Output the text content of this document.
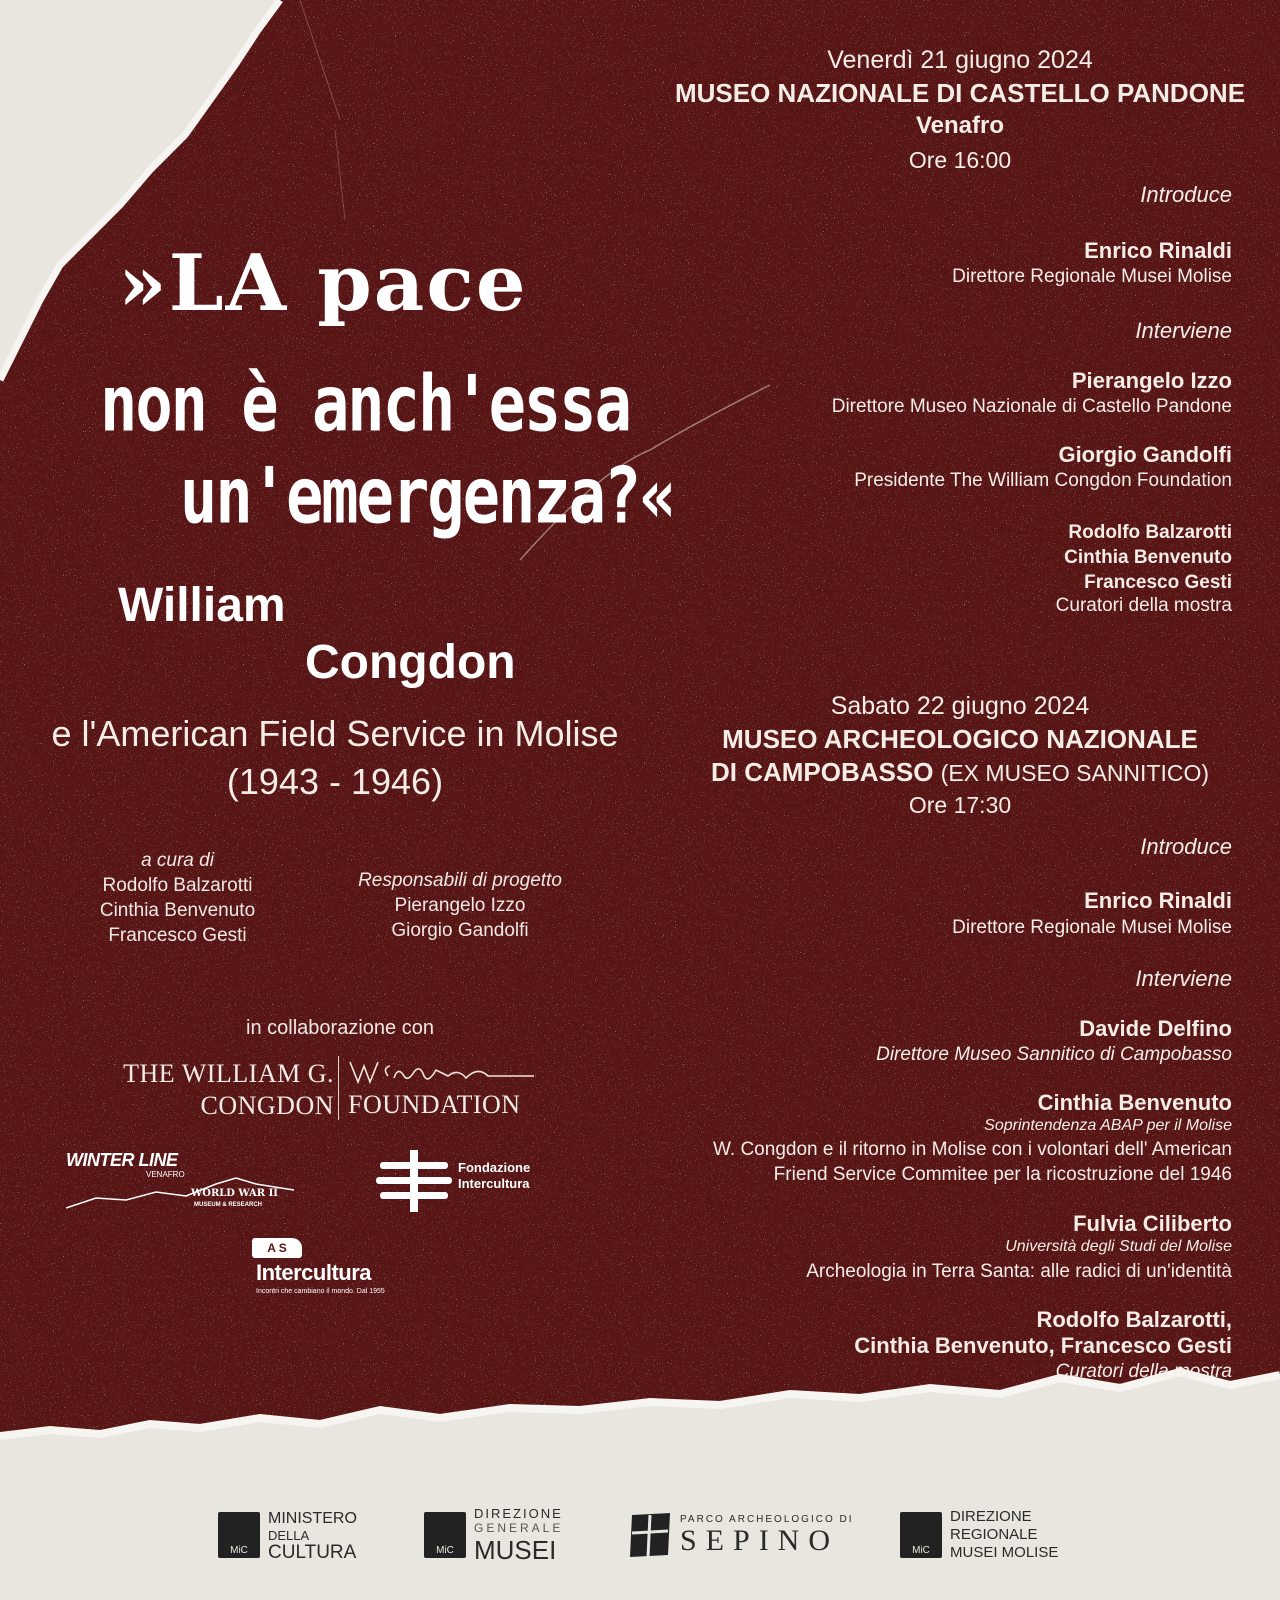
»LA pace
non è anch'essa
un'emergenza?«
William
Congdon
e l'American Field Service in Molise (1943 - 1946)
a cura di
Rodolfo Balzarotti
Cinthia Benvenuto
Francesco Gesti
Responsabili di progetto
Pierangelo Izzo
Giorgio Gandolfi
in collaborazione con
THE WILLIAM G.
CONGDON FOUNDATION
WINTER LINE
VENAFRO
WORLD WAR II
MUSEUM & RESEARCH
Fondazione
Intercultura
A S
Intercultura
Incontri che cambiano il mondo. Dal 1955
Venerdì 21 giugno 2024
MUSEO NAZIONALE DI CASTELLO PANDONE
Venafro
Ore 16:00
Introduce
Enrico Rinaldi
Direttore Regionale Musei Molise
Interviene
Pierangelo Izzo
Direttore Museo Nazionale di Castello Pandone
Giorgio Gandolfi
Presidente The William Congdon Foundation
Rodolfo Balzarotti
Cinthia Benvenuto
Francesco Gesti
Curatori della mostra
Sabato 22 giugno 2024
MUSEO ARCHEOLOGICO NAZIONALE
DI CAMPOBASSO (EX MUSEO SANNITICO)
Ore 17:30
Introduce
Enrico Rinaldi
Direttore Regionale Musei Molise
Interviene
Davide Delfino
Direttore Museo Sannitico di Campobasso
Cinthia Benvenuto
Soprintendenza ABAP per il Molise
W. Congdon e il ritorno in Molise con i volontari dell' American
Friend Service Commitee per la ricostruzione del 1946
Fulvia Ciliberto
Università degli Studi del Molise
Archeologia in Terra Santa: alle radici di un'identità
Rodolfo Balzarotti,
Cinthia Benvenuto, Francesco Gesti
Curatori della mostra
MiC
MINISTERO
DELLA
CULTURA	MiC
DIREZIONE
GENERALE
MUSEI
PARCO ARCHEOLOGICO DI
SEPINO	MiC
DIREZIONE
REGIONALE
MUSEI MOLISE
